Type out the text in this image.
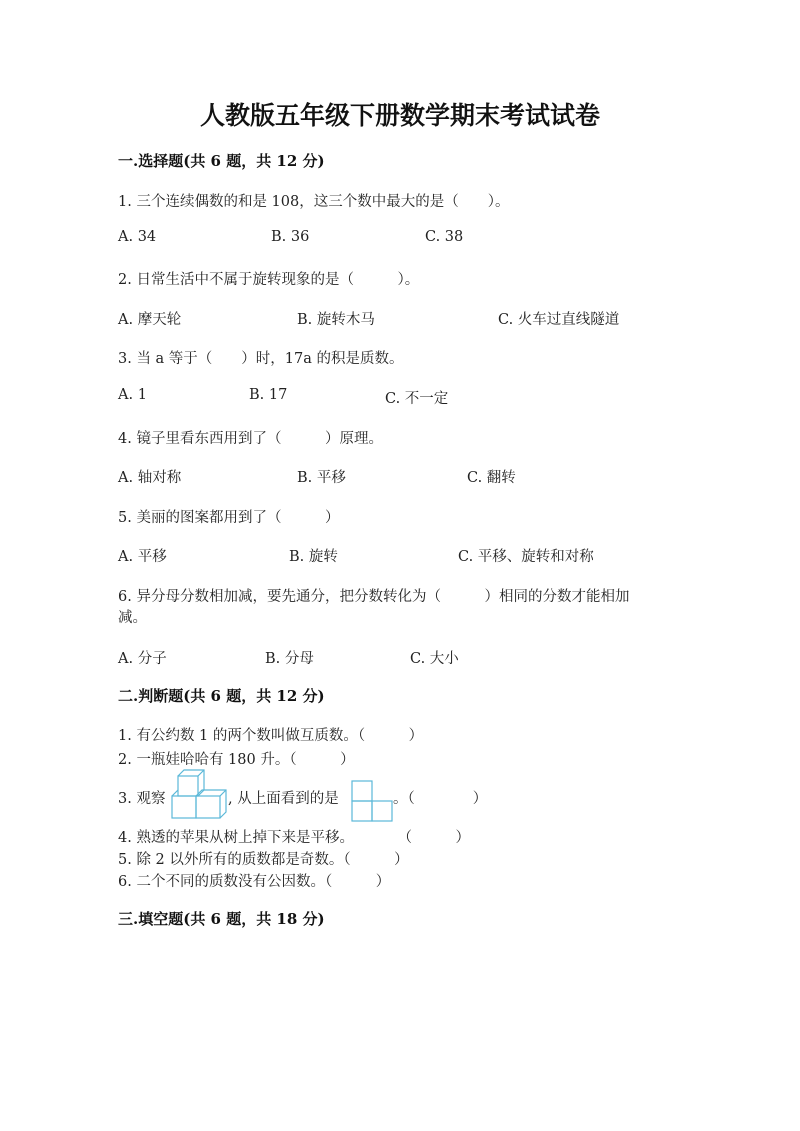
人教版五年级下册数学期末考试试卷
一.选择题(共 6 题，共 12 分)
1. 三个连续偶数的和是 108，这三个数中最大的是（　　）。
A. 34	B. 36	C. 38
2. 日常生活中不属于旋转现象的是（　　　）。
A. 摩天轮	B. 旋转木马	C. 火车过直线隧道
3. 当 a 等于（　　）时，17a 的积是质数。
A. 1	B. 17	C. 不一定
4. 镜子里看东西用到了（　　　）原理。
A. 轴对称	B. 平移	C. 翻转
5. 美丽的图案都用到了（　　　）
A. 平移	B. 旋转	C. 平移、旋转和对称
6. 异分母分数相加减，要先通分，把分数转化为（　　　）相同的分数才能相加
减。
A. 分子	B. 分母	C. 大小
二.判断题(共 6 题，共 12 分)
1. 有公约数 1 的两个数叫做互质数。（　　　）
2. 一瓶娃哈哈有 180 升。（　　　）
3. 观察	, 从上面看到的是	。（　　　　）
4. 熟透的苹果从树上掉下来是平移。　　　　（　　　）
5. 除 2 以外所有的质数都是奇数。（　　　）
6. 二个不同的质数没有公因数。（　　　）
三.填空题(共 6 题，共 18 分)
